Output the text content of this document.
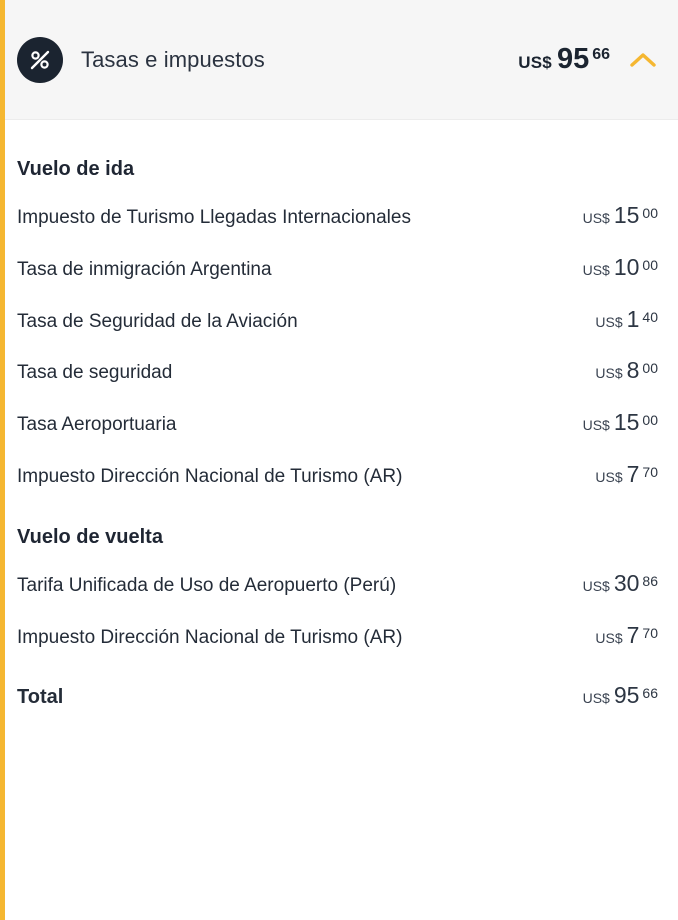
Tasas e impuestos	US$ 95 66
Vuelo de ida
Impuesto de Turismo Llegadas Internacionales	US$ 15 00
Tasa de inmigración Argentina	US$ 10 00
Tasa de Seguridad de la Aviación	US$ 1 40
Tasa de seguridad	US$ 8 00
Tasa Aeroportuaria	US$ 15 00
Impuesto Dirección Nacional de Turismo (AR)	US$ 7 70
Vuelo de vuelta
Tarifa Unificada de Uso de Aeropuerto (Perú)	US$ 30 86
Impuesto Dirección Nacional de Turismo (AR)	US$ 7 70
Total	US$ 95 66
